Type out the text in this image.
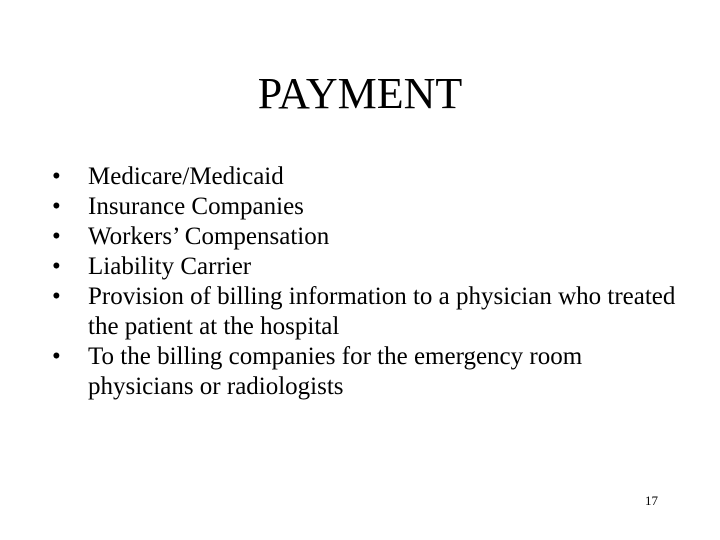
PAYMENT
•	Medicare/Medicaid
•	Insurance Companies
•	Workers’ Compensation
•	Liability Carrier
•	Provision of billing information to a physician who treated the patient at the hospital
•	To the billing companies for the emergency room physicians or radiologists
17
